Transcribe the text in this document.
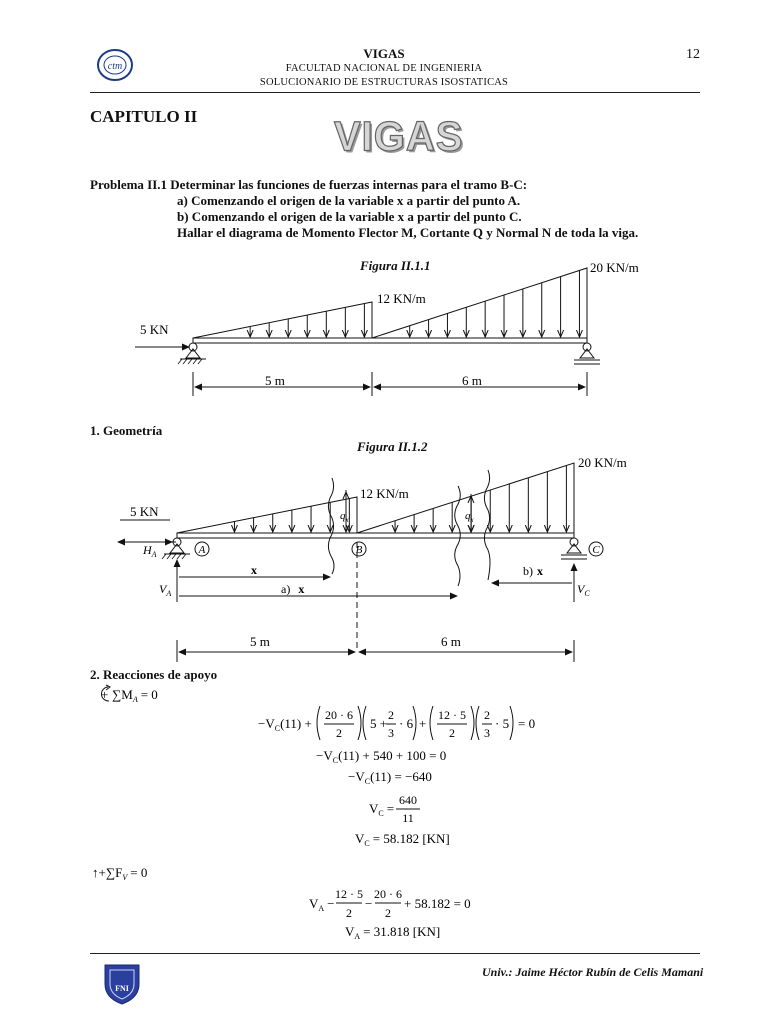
ctm
VIGAS
FACULTAD NACIONAL DE INGENIERIA
SOLUCIONARIO DE ESTRUCTURAS ISOSTATICAS
12
CAPITULO II	VIGAS
Problema II.1 Determinar las funciones de fuerzas internas para el tramo B-C:
a) Comenzando el origen de la variable x a partir del punto A.
b) Comenzando el origen de la variable x a partir del punto C.
Hallar el diagrama de Momento Flector M, Cortante Q y Normal N de toda la viga.
Figura II.1.1
5 KN
12 KN/m
20 KN/m
5 m	6 m
1. Geometría
Figura II.1.2
$q_x$	$q_x$
5 KN
$H_A$	A	B	C
12 KN/m
20 KN/m
$V_A$	$V_C$
x
a) x
b) x
5 m	6 m
2. Reacciones de apoyo
+ $\sum M_A = 0$
$-V_C(11)$ +
20 · 6
2
5 +
2
3
· 6 +
12 · 5
2
2
3
· 5 = 0
$-V_C(11) + 540 + 100 = 0$
$-V_C(11) = -640$
$V_C$ =
640
11
$V_C = 58.182$ [KN]
$↑+\sum F_V = 0$
$V_A$ −
12 · 5
2
−
20 · 6
2
+ 58.182 = 0
$V_A = 31.818$ [KN]
FNI
Univ.: Jaime Héctor Rubín de Celis Mamani
